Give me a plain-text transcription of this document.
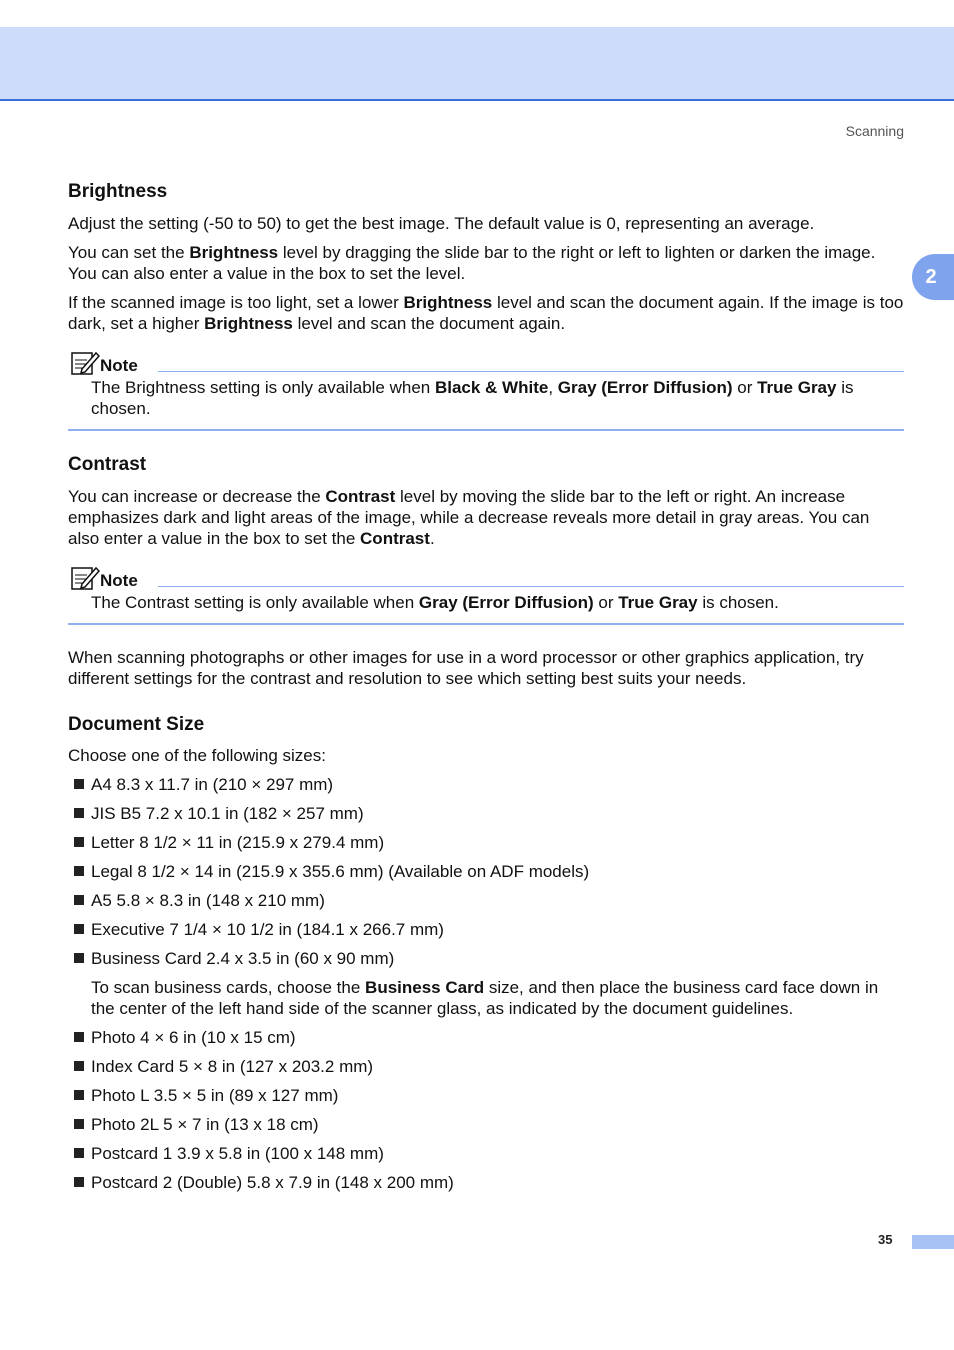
Scanning
2
Brightness

Adjust the setting (-50 to 50) to get the best image. The default value is 0, representing an average.

You can set the Brightness level by dragging the slide bar to the right or left to lighten or darken the image. You can also enter a value in the box to set the level.

If the scanned image is too light, set a lower Brightness level and scan the document again. If the image is too dark, set a higher Brightness level and scan the document again.

Note

The Brightness setting is only available when Black & White, Gray (Error Diffusion) or True Gray is chosen.

Contrast

You can increase or decrease the Contrast level by moving the slide bar to the left or right. An increase emphasizes dark and light areas of the image, while a decrease reveals more detail in gray areas. You can also enter a value in the box to set the Contrast.

Note

The Contrast setting is only available when Gray (Error Diffusion) or True Gray is chosen.

When scanning photographs or other images for use in a word processor or other graphics application, try different settings for the contrast and resolution to see which setting best suits your needs.

Document Size

Choose one of the following sizes:

A4 8.3 x 11.7 in (210 × 297 mm)
JIS B5 7.2 x 10.1 in (182 × 257 mm)
Letter 8 1/2 × 11 in (215.9 x 279.4 mm)
Legal 8 1/2 × 14 in (215.9 x 355.6 mm) (Available on ADF models)
A5 5.8 × 8.3 in (148 x 210 mm)
Executive 7 1/4 × 10 1/2 in (184.1 x 266.7 mm)
Business Card 2.4 x 3.5 in (60 x 90 mm)

To scan business cards, choose the Business Card size, and then place the business card face down in the center of the left hand side of the scanner glass, as indicated by the document guidelines.

Photo 4 × 6 in (10 x 15 cm)
Index Card 5 × 8 in (127 x 203.2 mm)
Photo L 3.5 × 5 in (89 x 127 mm)
Photo 2L 5 × 7 in (13 x 18 cm)
Postcard 1 3.9 x 5.8 in (100 x 148 mm)
Postcard 2 (Double) 5.8 x 7.9 in (148 x 200 mm)
35
